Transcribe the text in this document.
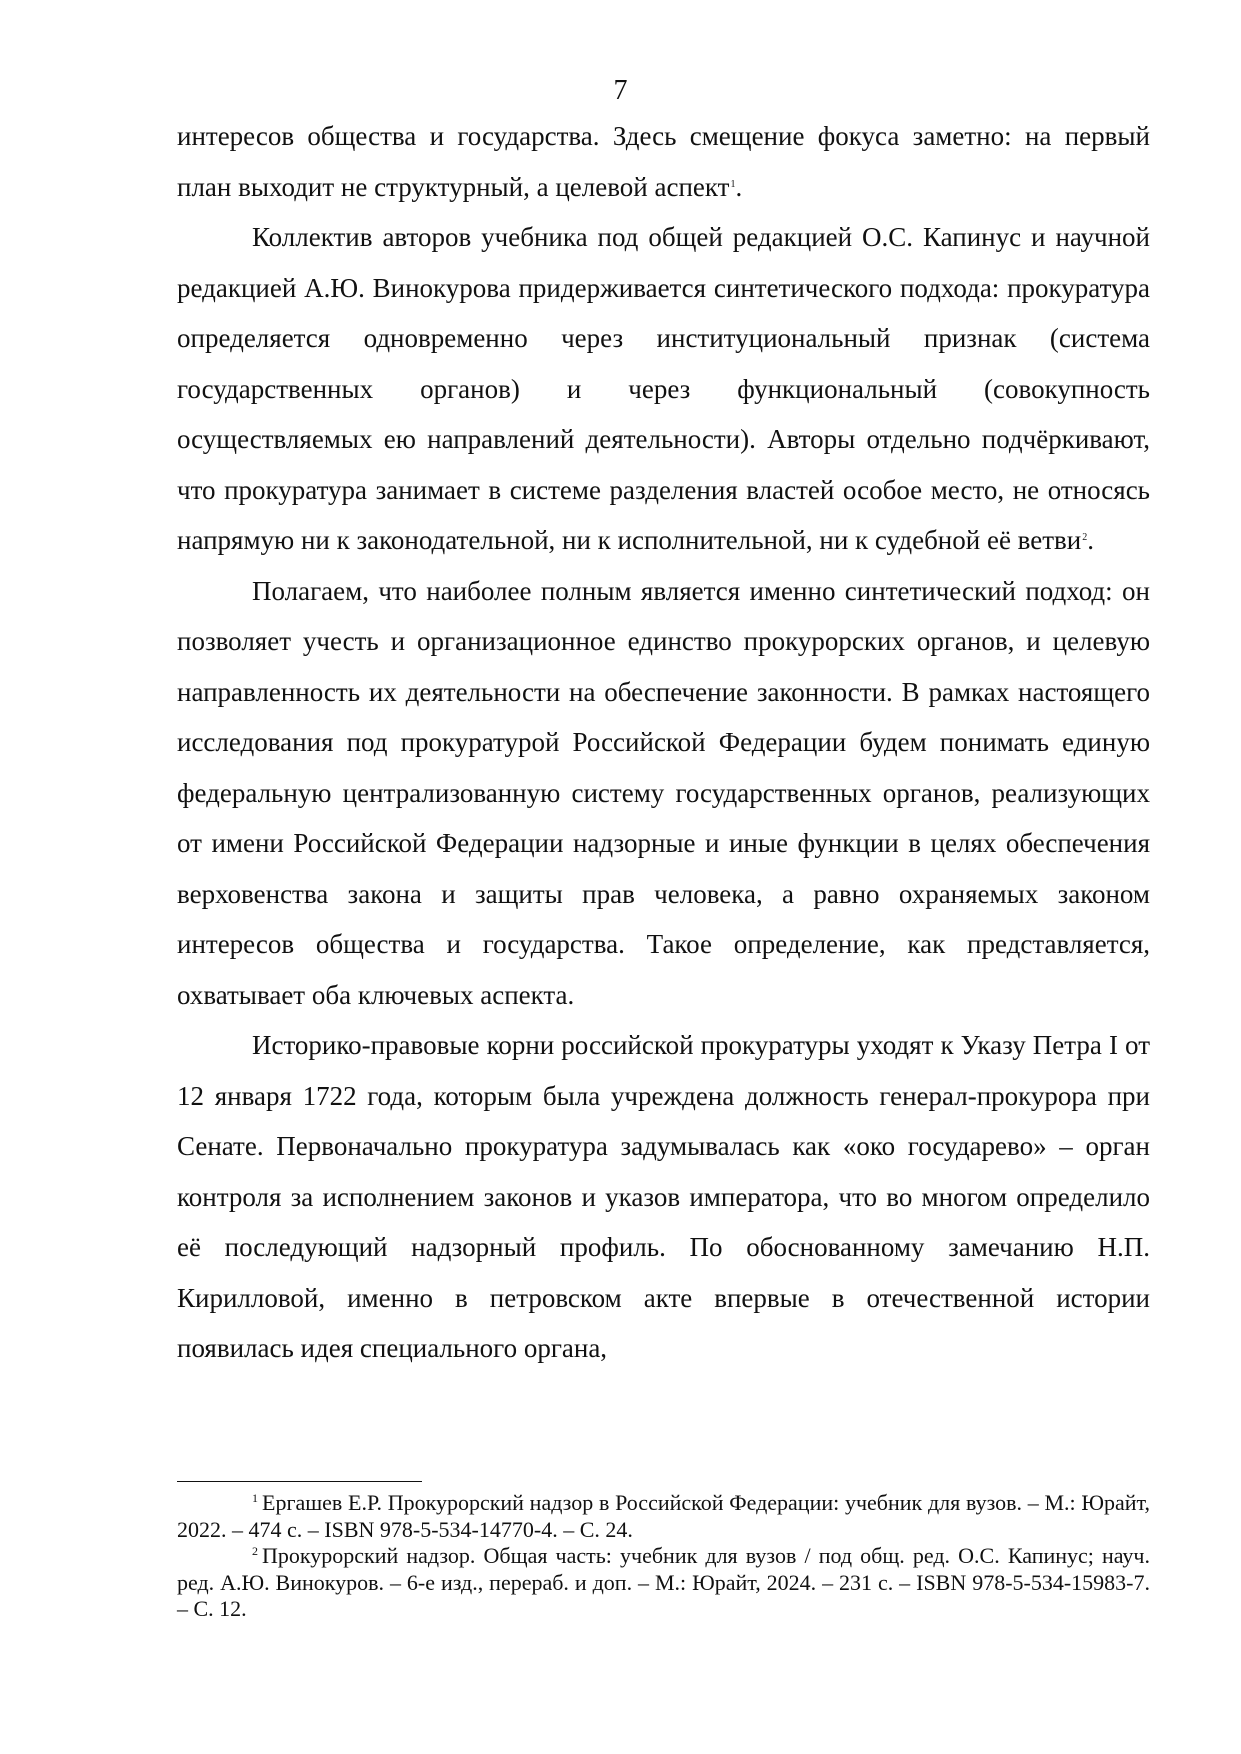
7

интересов общества и государства. Здесь смещение фокуса заметно: на первый план выходит не структурный, а целевой аспект$^1$.

Коллектив авторов учебника под общей редакцией О.С. Капинус и научной редакцией А.Ю. Винокурова придерживается синтетического подхода: прокуратура определяется одновременно через институциональный признак (система государственных органов) и через функциональный (совокупность осуществляемых ею направлений деятельности). Авторы отдельно подчёркивают, что прокуратура занимает в системе разделения властей особое место, не относясь напрямую ни к законодательной, ни к исполнительной, ни к судебной её ветви$^2$.

Полагаем, что наиболее полным является именно синтетический подход: он позволяет учесть и организационное единство прокурорских органов, и целевую направленность их деятельности на обеспечение законности. В рамках настоящего исследования под прокуратурой Российской Федерации будем понимать единую федеральную централизованную систему государственных органов, реализующих от имени Российской Федерации надзорные и иные функции в целях обеспечения верховенства закона и защиты прав человека, а равно охраняемых законом интересов общества и государства. Такое определение, как представляется, охватывает оба ключевых аспекта.

Историко-правовые корни российской прокуратуры уходят к Указу Петра I от 12 января 1722 года, которым была учреждена должность генерал-прокурора при Сенате. Первоначально прокуратура задумывалась как «око государево» – орган контроля за исполнением законов и указов императора, что во многом определило её последующий надзорный профиль. По обоснованному замечанию Н.П. Кирилловой, именно в петровском акте впервые в отечественной истории появилась идея специального органа,

$^1$ Ергашев Е.Р. Прокурорский надзор в Российской Федерации: учебник для вузов. – М.: Юрайт, 2022. – 474 с. – ISBN 978-5-534-14770-4. – С. 24.

$^2$ Прокурорский надзор. Общая часть: учебник для вузов / под общ. ред. О.С. Капинус; науч. ред. А.Ю. Винокуров. – 6-е изд., перераб. и доп. – М.: Юрайт, 2024. – 231 с. – ISBN 978-5-534-15983-7. – С. 12.
